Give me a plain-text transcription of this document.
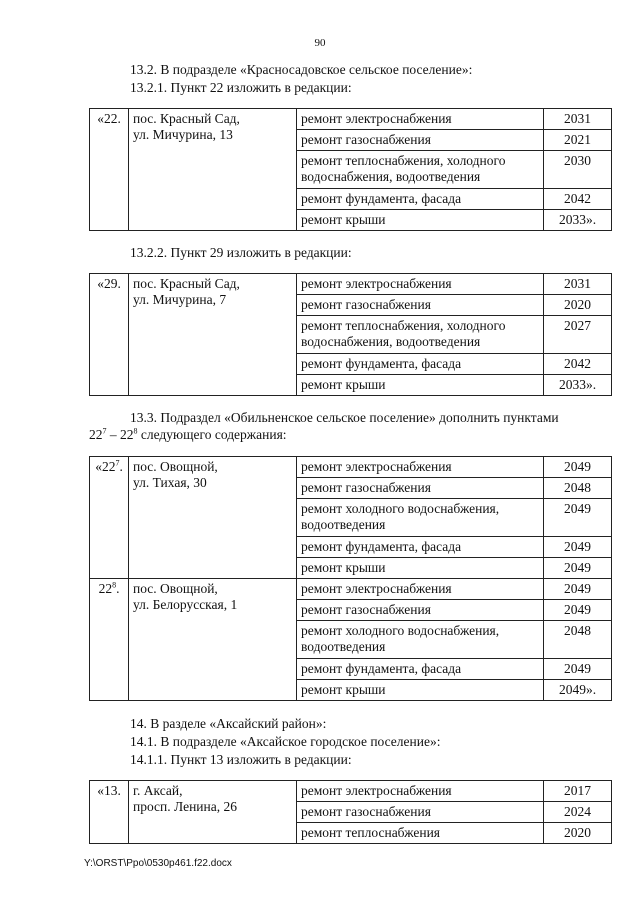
90
13.2. В подразделе «Красносадовское сельское поселение»:
13.2.1. Пункт 22 изложить в редакции:
«22.	пос. Красный Сад,
ул. Мичурина, 13	ремонт электроснабжения	2031
		ремонт газоснабжения	2021
		ремонт теплоснабжения, холодного водоснабжения, водоотведения	2030
		ремонт фундамента, фасада	2042
		ремонт крыши	2033».
13.2.2. Пункт 29 изложить в редакции:
«29.	пос. Красный Сад,
ул. Мичурина, 7	ремонт электроснабжения	2031
		ремонт газоснабжения	2020
		ремонт теплоснабжения, холодного водоснабжения, водоотведения	2027
		ремонт фундамента, фасада	2042
		ремонт крыши	2033».
13.3. Подраздел «Обильненское сельское поселение» дополнить пунктами
$22^7 - 22^8$ следующего содержания:
«$22^7$.	пос. Овощной,
ул. Тихая, 30	ремонт электроснабжения	2049
		ремонт газоснабжения	2048
		ремонт холодного водоснабжения, водоотведения	2049
		ремонт фундамента, фасада	2049
		ремонт крыши	2049
$22^8$.	пос. Овощной,
ул. Белорусская, 1	ремонт электроснабжения	2049
		ремонт газоснабжения	2049
		ремонт холодного водоснабжения, водоотведения	2048
		ремонт фундамента, фасада	2049
		ремонт крыши	2049».
14. В разделе «Аксайский район»:
14.1. В подразделе «Аксайское городское поселение»:
14.1.1. Пункт 13 изложить в редакции:
«13.	г. Аксай,
просп. Ленина, 26	ремонт электроснабжения	2017
		ремонт газоснабжения	2024
		ремонт теплоснабжения	2020
Y:\ORST\Ppo\0530p461.f22.docx
